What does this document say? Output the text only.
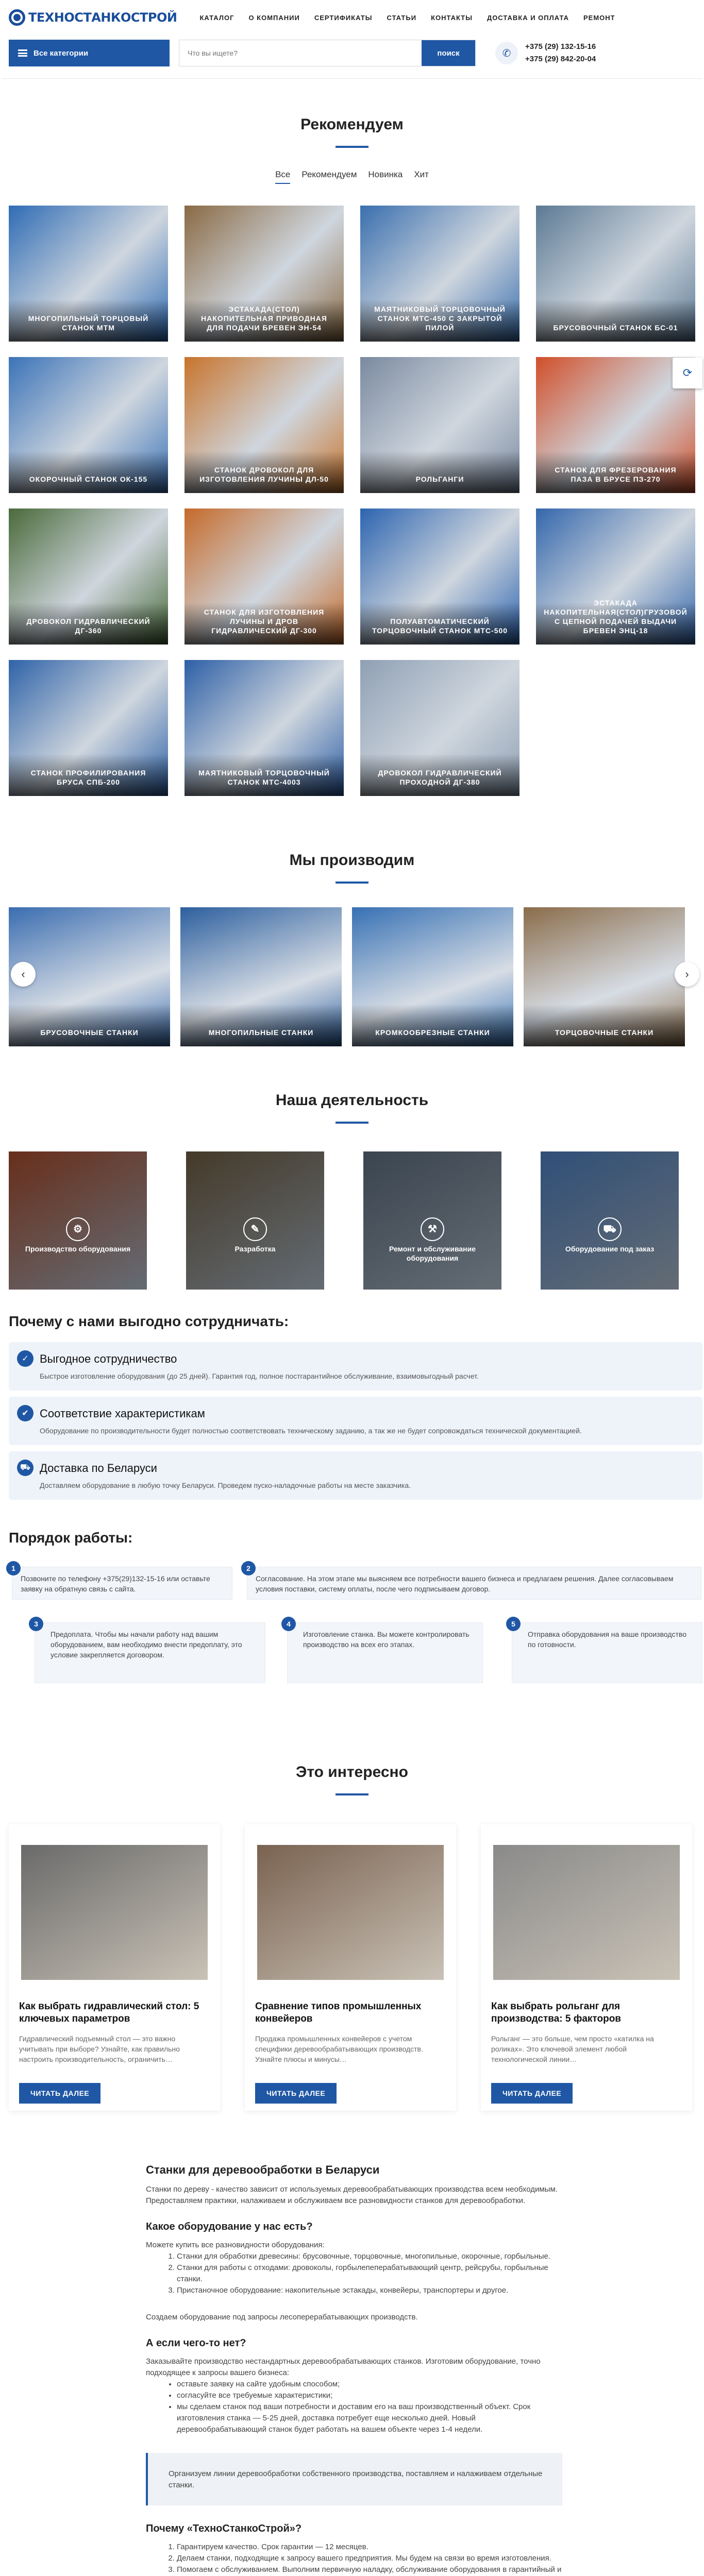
ТЕХНОСТАНКОСТРОЙ	КАТАЛОГ О КОМПАНИИ СЕРТИФИКАТЫ СТАТЬИ КОНТАКТЫ ДОСТАВКА И ОПЛАТА РЕМОНТ
Все категории
Что вы ищете?	поиск	✆
+375 (29) 132-15-16
+375 (29) 842-20-04
Рекомендуем
Все Рекомендуем Новинка Хит
МНОГОПИЛЬНЫЙ ТОРЦОВЫЙ СТАНОК МТМ
ЭСТАКАДА(СТОЛ) НАКОПИТЕЛЬНАЯ ПРИВОДНАЯ ДЛЯ ПОДАЧИ БРЕВЕН ЭН-54
МАЯТНИКОВЫЙ ТОРЦОВОЧНЫЙ СТАНОК МТС-450 С ЗАКРЫТОЙ ПИЛОЙ	БРУСОВОЧНЫЙ СТАНОК БС-01
ОКОРОЧНЫЙ СТАНОК ОК-155
СТАНОК ДРОВОКОЛ ДЛЯ ИЗГОТОВЛЕНИЯ ЛУЧИНЫ ДЛ-50	РОЛЬГАНГИ
СТАНОК ДЛЯ ФРЕЗЕРОВАНИЯ ПАЗА В БРУСЕ ПЗ-270
ДРОВОКОЛ ГИДРАВЛИЧЕСКИЙ ДГ-360
СТАНОК ДЛЯ ИЗГОТОВЛЕНИЯ ЛУЧИНЫ И ДРОВ ГИДРАВЛИЧЕСКИЙ ДГ-300
ПОЛУАВТОМАТИЧЕСКИЙ ТОРЦОВОЧНЫЙ СТАНОК МТС-500
ЭСТАКАДА НАКОПИТЕЛЬНАЯ(СТОЛ)ГРУЗОВОЙ С ЦЕПНОЙ ПОДАЧЕЙ ВЫДАЧИ БРЕВЕН ЭНЦ-18
СТАНОК ПРОФИЛИРОВАНИЯ БРУСА СПБ-200
МАЯТНИКОВЫЙ ТОРЦОВОЧНЫЙ СТАНОК МТС-4003
ДРОВОКОЛ ГИДРАВЛИЧЕСКИЙ ПРОХОДНОЙ ДГ-380
Мы производим
‹
БРУСОВОЧНЫЕ СТАНКИ	МНОГОПИЛЬНЫЕ СТАНКИ	КРОМКООБРЕЗНЫЕ СТАНКИ	ТОРЦОВОЧНЫЕ СТАНКИ
›
Наша деятельность
⚙
Производство оборудования
✎
Разработка
⚒
Ремонт и обслуживание оборудования
⛟
Оборудование под заказ
Почему с нами выгодно сотрудничать:
✓ Выгодное сотрудничество

Быстрое изготовление оборудования (до 25 дней). Гарантия год, полное постгарантийное обслуживание, взаимовыгодный расчет.

✔ Соответствие характеристикам

Оборудование по производительности будет полностью соответствовать техническому заданию, а так же не будет сопровождаться технической документацией.

⛟ Доставка по Беларуси

Доставляем оборудование в любую точку Беларуси. Проведем пуско-наладочные работы на месте заказчика.

Порядок работы:
1
Позвоните по телефону +375(29)132-15-16 или оставьте заявку на обратную связь с сайта.
2
Согласование. На этом этапе мы выясняем все потребности вашего бизнеса и предлагаем решения. Далее согласовываем условия поставки, систему оплаты, после чего подписываем договор.
3
Предоплата. Чтобы мы начали работу над вашим оборудованием, вам необходимо внести предоплату, это условие закрепляется договором.
4
Изготовление станка. Вы можете контролировать производство на всех его этапах.
5
Отправка оборудования на ваше производство по готовности.
Это интересно
Как выбрать гидравлический стол: 5 ключевых параметров

Гидравлический подъемный стол — это важно учитывать при выборе? Узнайте, как правильно настроить производительность, ограничить…

ЧИТАТЬ ДАЛЕЕ
Сравнение типов промышленных конвейеров

Продажа промышленных конвейеров с учетом специфики деревообрабатывающих производств. Узнайте плюсы и минусы…

ЧИТАТЬ ДАЛЕЕ
Как выбрать рольганг для производства: 5 факторов

Рольганг — это больше, чем просто «катилка на роликах». Это ключевой элемент любой технологической линии…

ЧИТАТЬ ДАЛЕЕ
Станки для деревообработки в Беларуси

Станки по дереву - качество зависит от используемых деревообрабатывающих производства всем необходимым. Предоставляем практики, налаживаем и обслуживаем все разновидности станков для деревообработки.

Какое оборудование у нас есть?

Можете купить все разновидности оборудования:

1. Станки для обработки древесины: брусовочные, торцовочные, многопильные, окорочные, горбыльные.
2. Станки для работы с отходами: дровоколы, горбылепеперабатывающий центр, рейсрубы, горбыльные станки.
3. Пристаночное оборудование: накопительные эстакады, конвейеры, транспортеры и другое.

Создаем оборудование под запросы лесоперерабатывающих производств.

А если чего-то нет?

Заказывайте производство нестандартных деревообрабатывающих станков. Изготовим оборудование, точно подходящее к запросы вашего бизнеса:

• оставьте заявку на сайте удобным способом;
• согласуйте все требуемые характеристики;
• мы сделаем станок под ваши потребности и доставим его на ваш производственный объект. Срок изготовления станка — 5-25 дней, доставка потребует еще несколько дней. Новый деревообрабатывающий станок будет работать на вашем объекте через 1-4 недели.
Организуем линии деревообработки собственного производства, поставляем и налаживаем отдельные станки.
Почему «ТехноСтанкоСтрой»?
1. Гарантируем качество. Срок гарантии — 12 месяцев.
2. Делаем станки, подходящие к запросу вашего предприятия. Мы будем на связи во время изготовления.
3. Помогаем с обслуживанием. Выполним первичную наладку, обслуживание оборудования в гарантийный и

⟳
